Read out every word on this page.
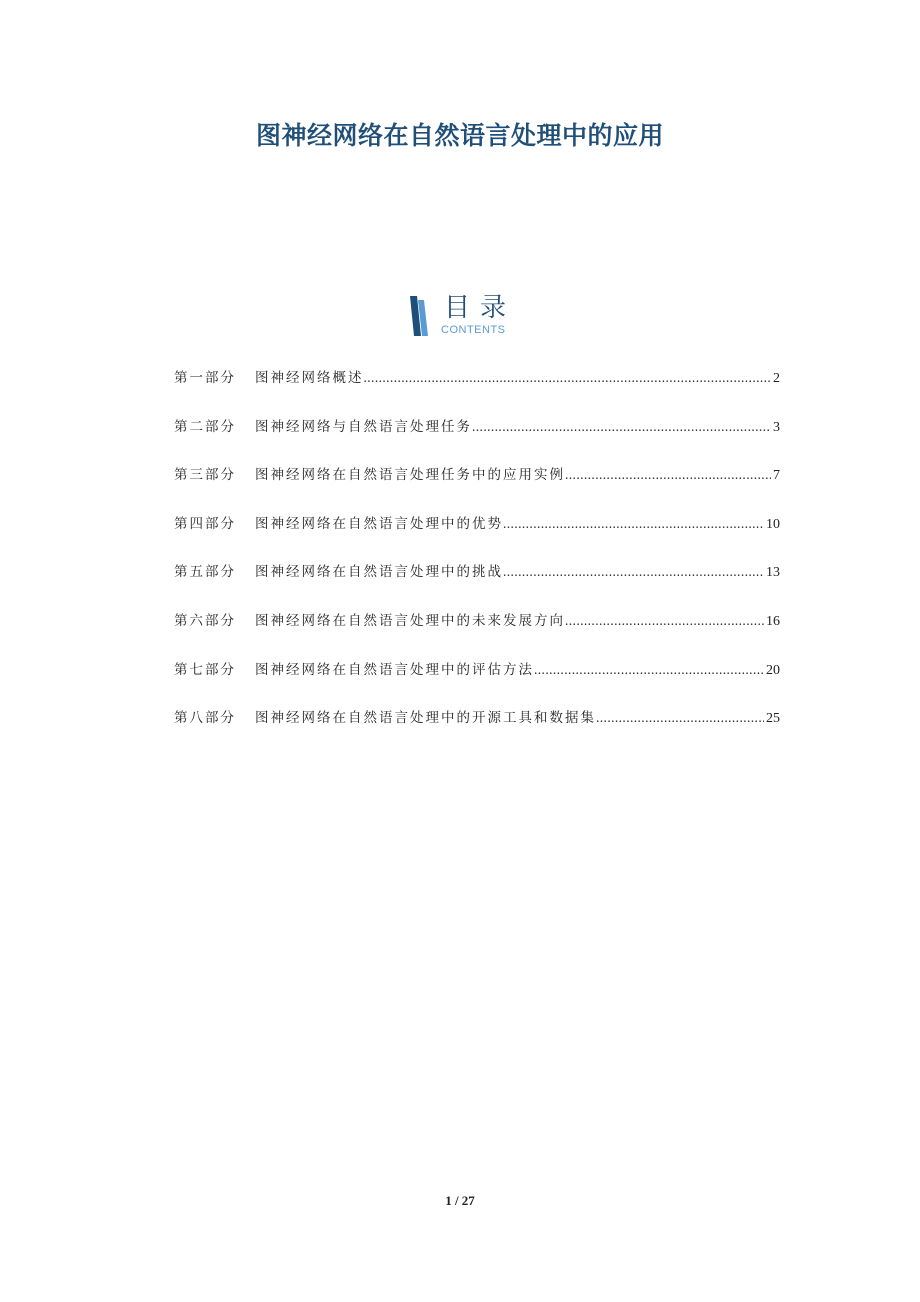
图神经网络在自然语言处理中的应用
目录
CONTENTS
第一部分	图神经网络概述 .....	2
第二部分	图神经网络与自然语言处理任务 .....	3
第三部分	图神经网络在自然语言处理任务中的应用实例 .....	7
第四部分	图神经网络在自然语言处理中的优势 .....	10
第五部分	图神经网络在自然语言处理中的挑战 .....	13
第六部分	图神经网络在自然语言处理中的未来发展方向 .....	16
第七部分	图神经网络在自然语言处理中的评估方法 .....	20
第八部分	图神经网络在自然语言处理中的开源工具和数据集 .....	25
1 / 27
